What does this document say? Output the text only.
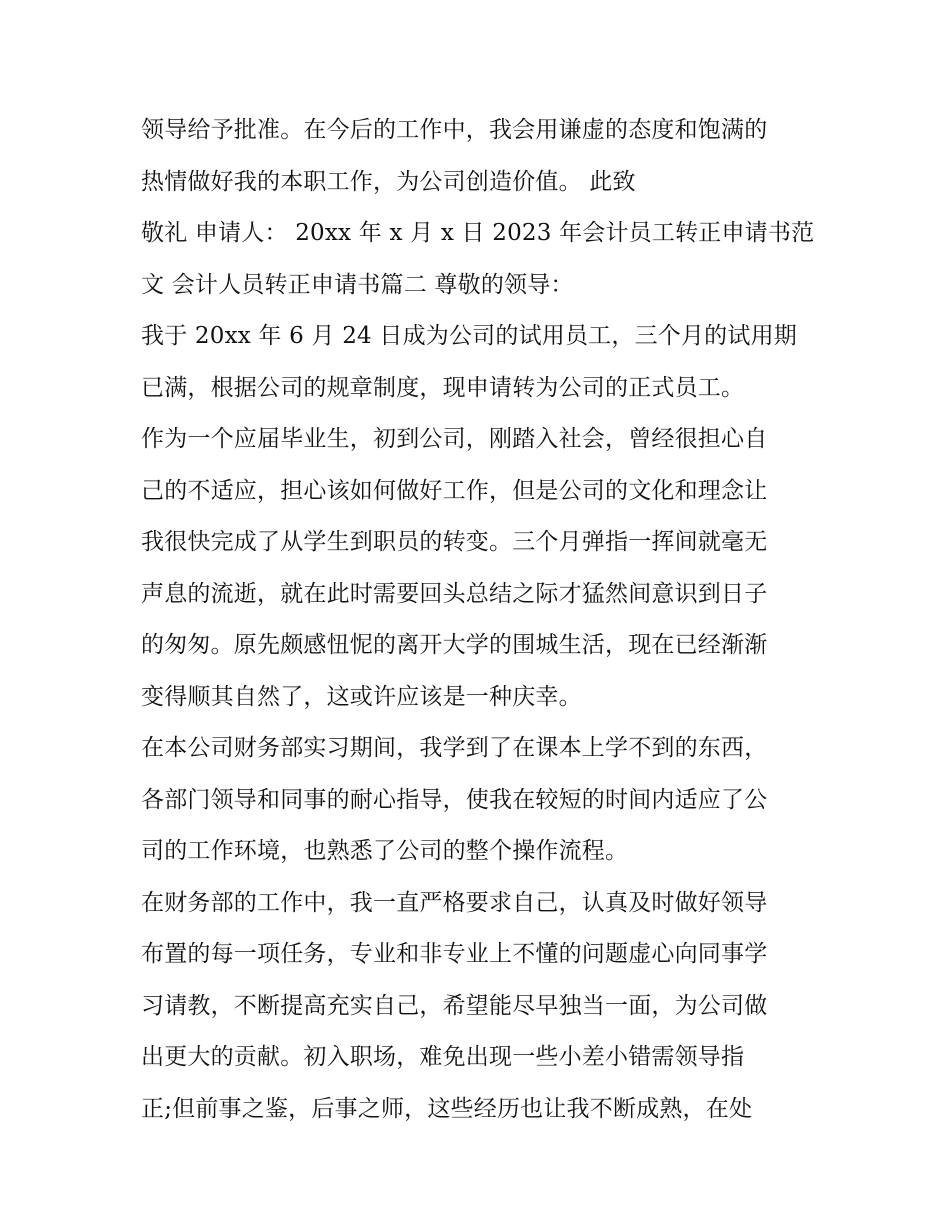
领导给予批准。在今后的工作中，我会用谦虚的态度和饱满的
热情做好我的本职工作，为公司创造价值。 此致
敬礼 申请人： 20xx 年 x 月 x 日 2023 年会计员工转正申请书范
文 会计人员转正申请书篇二 尊敬的领导：
我于 20xx 年 6 月 24 日成为公司的试用员工，三个月的试用期
已满，根据公司的规章制度，现申请转为公司的正式员工。
作为一个应届毕业生，初到公司，刚踏入社会，曾经很担心自
己的不适应，担心该如何做好工作，但是公司的文化和理念让
我很快完成了从学生到职员的转变。三个月弹指一挥间就毫无
声息的流逝，就在此时需要回头总结之际才猛然间意识到日子
的匆匆。原先颇感忸怩的离开大学的围城生活，现在已经渐渐
变得顺其自然了，这或许应该是一种庆幸。
在本公司财务部实习期间，我学到了在课本上学不到的东西，
各部门领导和同事的耐心指导，使我在较短的时间内适应了公
司的工作环境，也熟悉了公司的整个操作流程。
在财务部的工作中，我一直严格要求自己，认真及时做好领导
布置的每一项任务，专业和非专业上不懂的问题虚心向同事学
习请教，不断提高充实自己，希望能尽早独当一面，为公司做
出更大的贡献。初入职场，难免出现一些小差小错需领导指
正;但前事之鉴，后事之师，这些经历也让我不断成熟，在处
